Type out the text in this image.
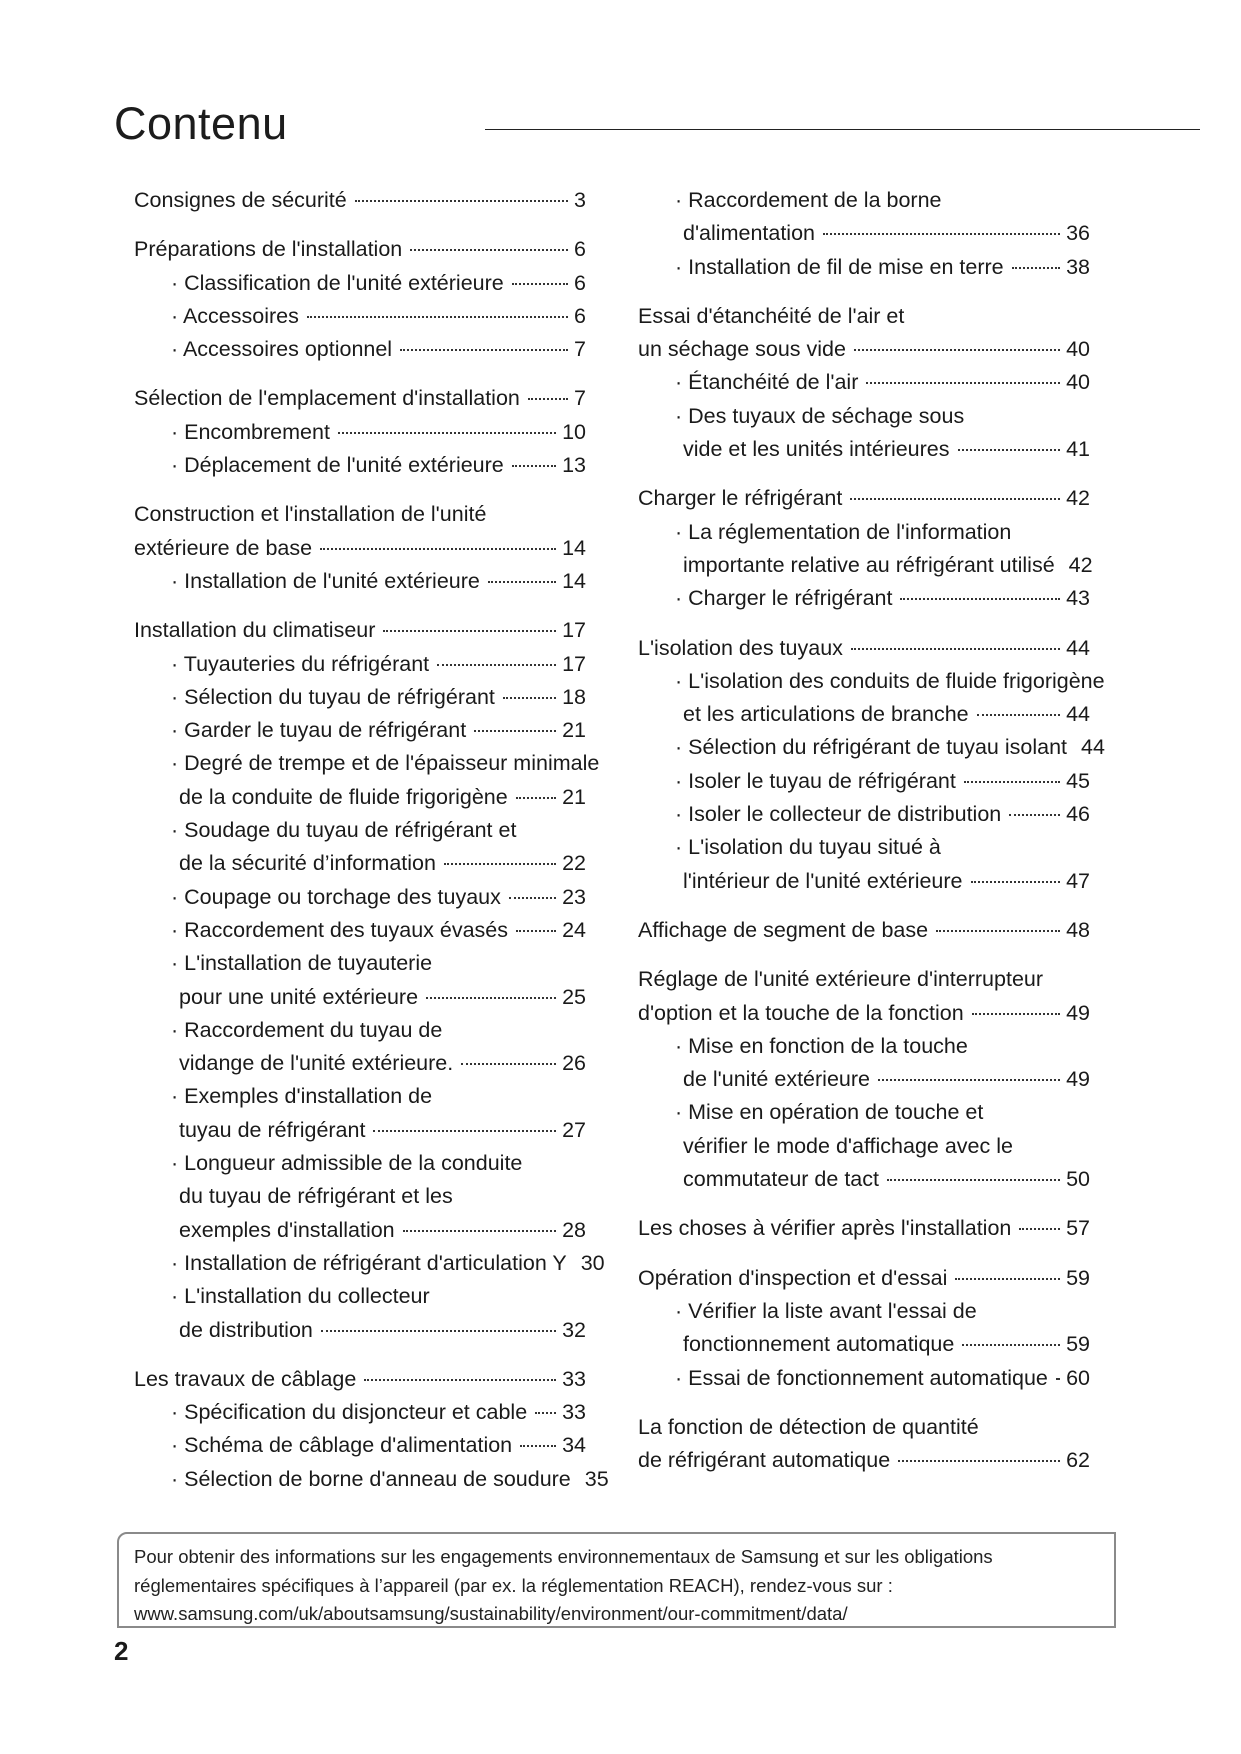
Contenu
Consignes de sécurité	3
Préparations de l'installation	6
· Classification de l'unité extérieure	6
· Accessoires	6
· Accessoires optionnel	7
Sélection de l'emplacement d'installation	7
· Encombrement	10
· Déplacement de l'unité extérieure	13
Construction et l'installation de l'unité
extérieure de base	14
· Installation de l'unité extérieure	14
Installation du climatiseur	17
· Tuyauteries du réfrigérant	17
· Sélection du tuyau de réfrigérant	18
· Garder le tuyau de réfrigérant	21
· Degré de trempe et de l'épaisseur minimale
de la conduite de fluide frigorigène	21
· Soudage du tuyau de réfrigérant et
de la sécurité d’information	22
· Coupage ou torchage des tuyaux	23
· Raccordement des tuyaux évasés	24
· L'installation de tuyauterie
pour une unité extérieure	25
· Raccordement du tuyau de
vidange de l'unité extérieure.	26
· Exemples d'installation de
tuyau de réfrigérant	27
· Longueur admissible de la conduite
du tuyau de réfrigérant et les
exemples d'installation	28
· Installation de réfrigérant d'articulation Y 30
· L'installation du collecteur
de distribution	32
Les travaux de câblage	33
· Spécification du disjoncteur et cable 33
· Schéma de câblage d'alimentation 34
· Sélection de borne d'anneau de soudure 35
· Raccordement de la borne
d'alimentation	36
· Installation de fil de mise en terre	38
Essai d'étanchéité de l'air et
un séchage sous vide	40
· Étanchéité de l'air	40
· Des tuyaux de séchage sous
vide et les unités intérieures	41
Charger le réfrigérant	42
· La réglementation de l'information
importante relative au réfrigérant utilisé 42
· Charger le réfrigérant	43
L'isolation des tuyaux	44
· L'isolation des conduits de fluide frigorigène
et les articulations de branche	44
· Sélection du réfrigérant de tuyau isolant 44
· Isoler le tuyau de réfrigérant	45
· Isoler le collecteur de distribution	46
· L'isolation du tuyau situé à
l'intérieur de l'unité extérieure	47
Affichage de segment de base	48
Réglage de l'unité extérieure d'interrupteur
d'option et la touche de la fonction	49
· Mise en fonction de la touche
de l'unité extérieure	49
· Mise en opération de touche et
vérifier le mode d'affichage avec le
commutateur de tact	50
Les choses à vérifier après l'installation	57
Opération d'inspection et d'essai	59
· Vérifier la liste avant l'essai de
fonctionnement automatique	59
· Essai de fonctionnement automatique 60
La fonction de détection de quantité
de réfrigérant automatique	62
Pour obtenir des informations sur les engagements environnementaux de Samsung et sur les obligations réglementaires spécifiques à l’appareil (par ex. la réglementation REACH), rendez-vous sur : www.samsung.com/uk/aboutsamsung/sustainability/environment/our-commitment/data/
2
